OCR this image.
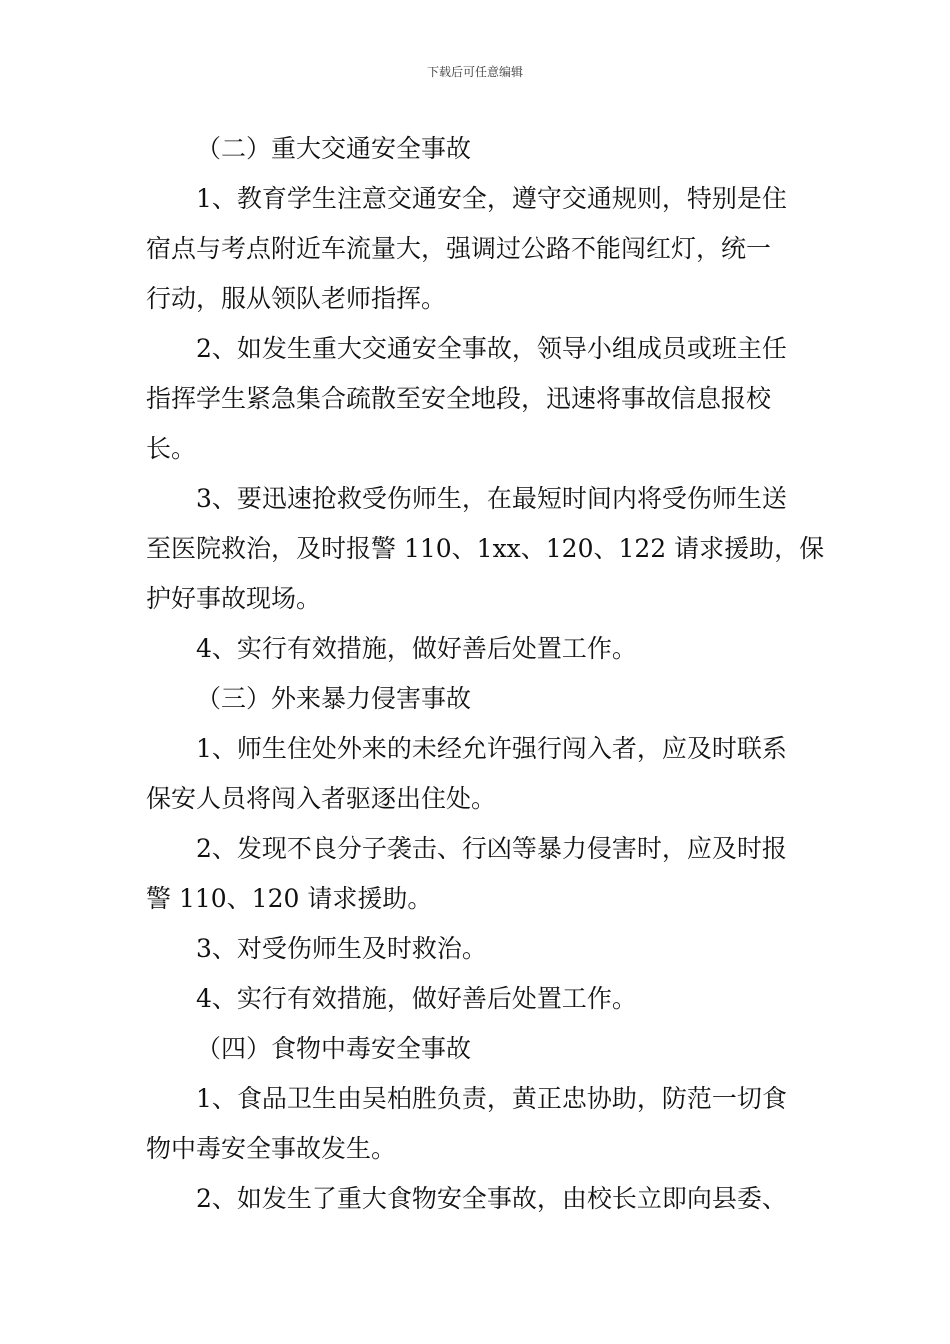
下载后可任意编辑

（二）重大交通安全事故

1、教育学生注意交通安全，遵守交通规则，特别是住
宿点与考点附近车流量大，强调过公路不能闯红灯，统一
行动，服从领队老师指挥。

2、如发生重大交通安全事故，领导小组成员或班主任
指挥学生紧急集合疏散至安全地段，迅速将事故信息报校
长。

3、要迅速抢救受伤师生，在最短时间内将受伤师生送
至医院救治，及时报警 110、1xx、120、122 请求援助，保
护好事故现场。

4、实行有效措施，做好善后处置工作。

（三）外来暴力侵害事故

1、师生住处外来的未经允许强行闯入者，应及时联系
保安人员将闯入者驱逐出住处。

2、发现不良分子袭击、行凶等暴力侵害时，应及时报
警 110、120 请求援助。

3、对受伤师生及时救治。

4、实行有效措施，做好善后处置工作。

（四）食物中毒安全事故

1、食品卫生由吴柏胜负责，黄正忠协助，防范一切食
物中毒安全事故发生。

2、如发生了重大食物安全事故，由校长立即向县委、
